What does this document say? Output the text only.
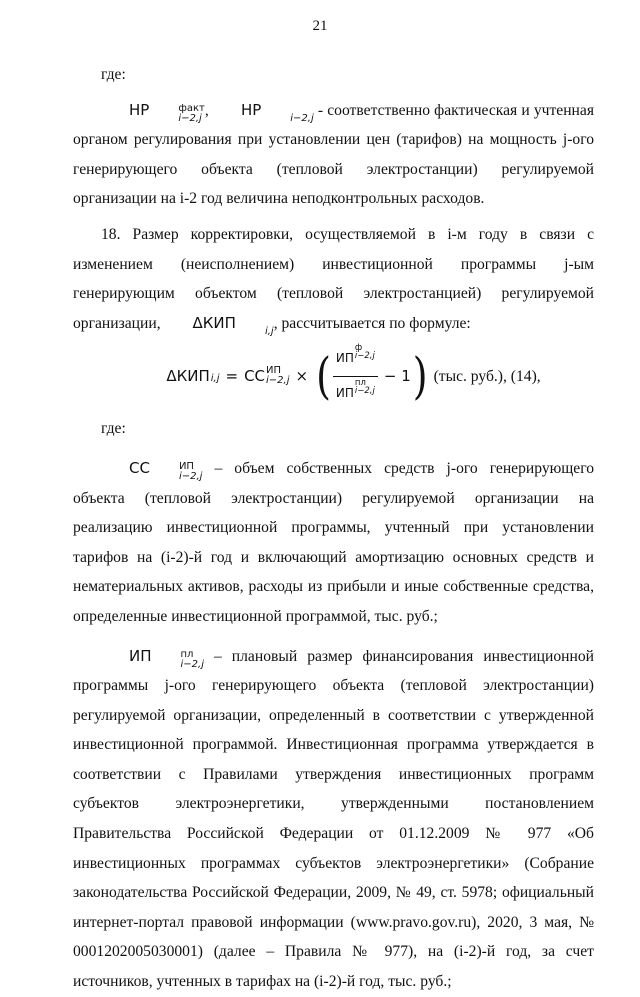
21

где:

НР	факт
i−2,j , НР
	i−2,j - соответственно фактическая и учтенная органом регулирования при установлении цен (тарифов) на мощность j-ого генерирующего объекта (тепловой электростанции) регулируемой организации на i-2 год величина неподконтрольных расходов.

18. Размер корректировки, осуществляемой в i-м году в связи с изменением (неисполнением) инвестиционной программы j-ым генерирующим объектом (тепловой электростанцией) регулируемой организации, ΔКИП
	i,j , рассчитывается по формуле:

ΔКИП i,j = СС ИП
i−2,j × ( ИП
ф
i−2,j
ИП
пл
i−2,j − 1 ) (тыс. руб.), (14),

где:

СС	ИП
i−2,j – объем собственных средств j-ого генерирующего объекта (тепловой электростанции) регулируемой организации на реализацию инвестиционной программы, учтенный при установлении тарифов на (i-2)-й год и включающий амортизацию основных средств и нематериальных активов, расходы из прибыли и иные собственные средства, определенные инвестиционной программой, тыс. руб.;

ИП	пл
i−2,j – плановый размер финансирования инвестиционной программы j-ого генерирующего объекта (тепловой электростанции) регулируемой организации, определенный в соответствии с утвержденной инвестиционной программой. Инвестиционная программа утверждается в соответствии с Правилами утверждения инвестиционных программ субъектов электроэнергетики, утвержденными постановлением Правительства Российской Федерации от 01.12.2009 № 977 «Об инвестиционных программах субъектов электроэнергетики» (Собрание законодательства Российской Федерации, 2009, № 49, ст. 5978; официальный интернет-портал правовой информации (www.pravo.gov.ru), 2020, 3 мая, № 0001202005030001) (далее – Правила № 977), на (i-2)-й год, за счет источников, учтенных в тарифах на (i-2)-й год, тыс. руб.;
